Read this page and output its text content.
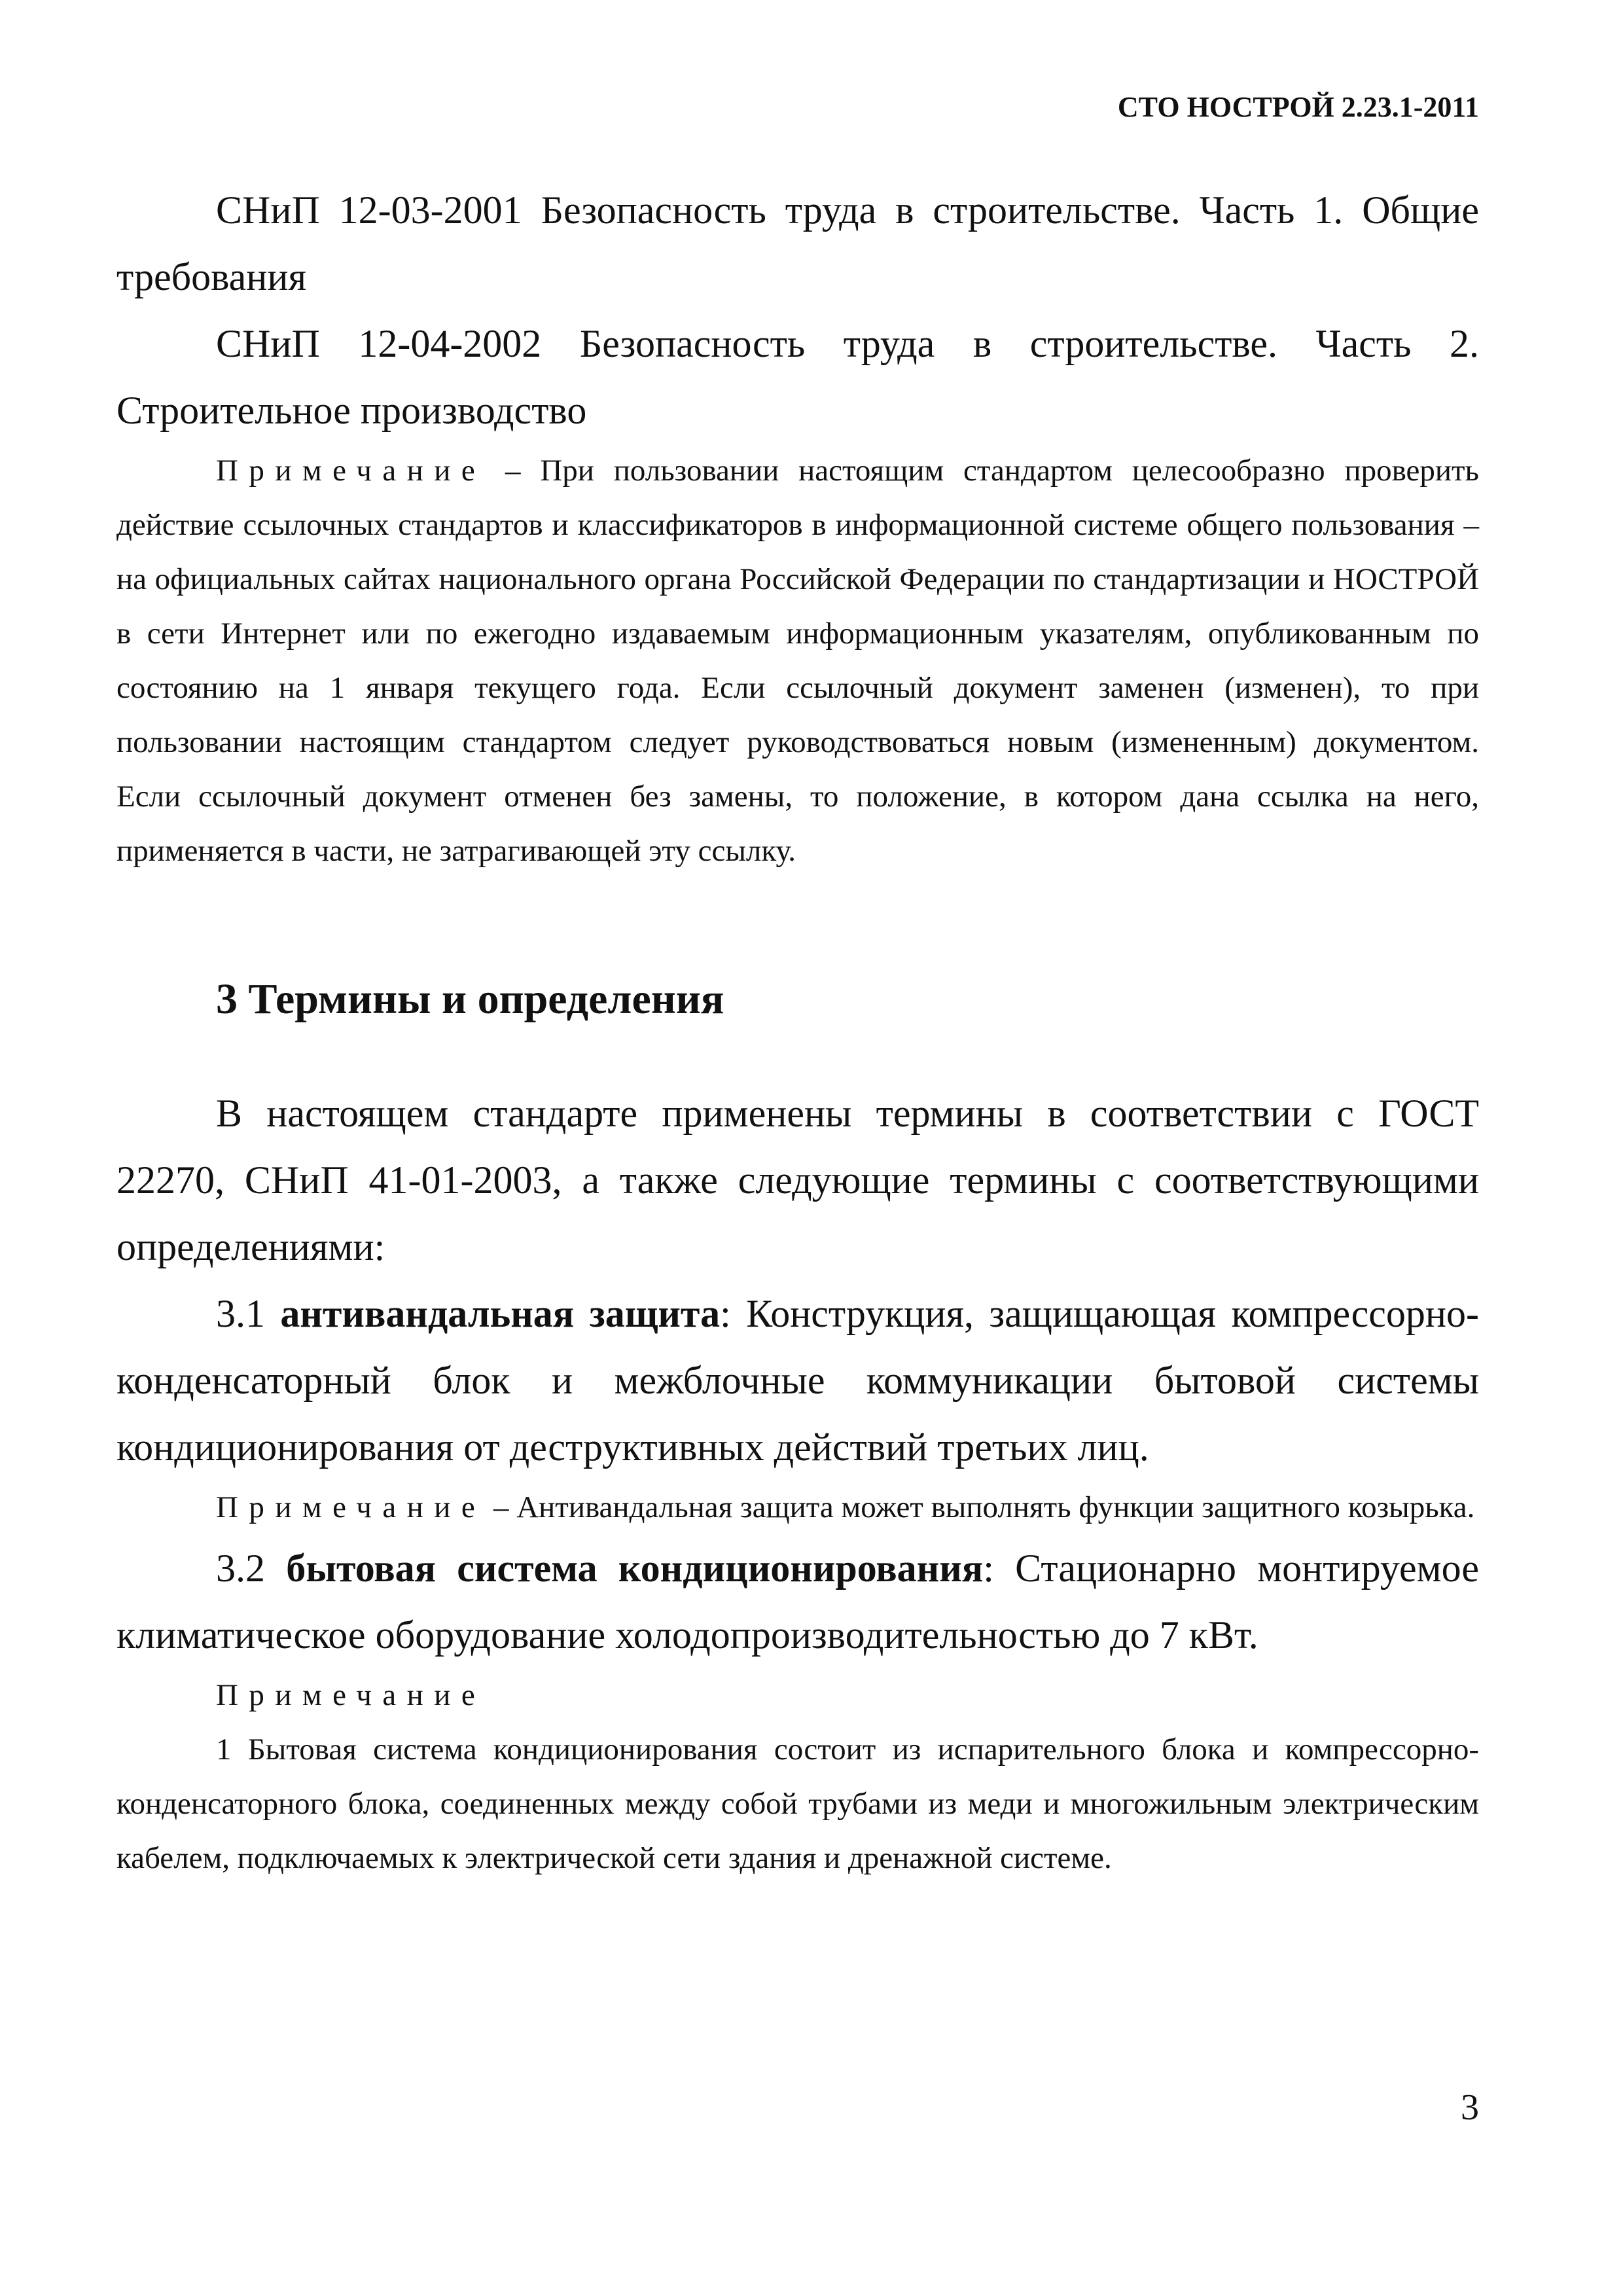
СТО НОСТРОЙ 2.23.1-2011

СНиП 12-03-2001 Безопасность труда в строительстве. Часть 1. Общие требования

СНиП 12-04-2002 Безопасность труда в строительстве. Часть 2. Строительное производство

Примечание – При пользовании настоящим стандартом целесообразно проверить действие ссылочных стандартов и классификаторов в информационной системе общего пользования – на официальных сайтах национального органа Российской Федерации по стандартизации и НОСТРОЙ в сети Интернет или по ежегодно издаваемым информационным указателям, опубликованным по состоянию на 1 января текущего года. Если ссылочный документ заменен (изменен), то при пользовании настоящим стандартом следует руководствоваться новым (измененным) документом. Если ссылочный документ отменен без замены, то положение, в котором дана ссылка на него, применяется в части, не затрагивающей эту ссылку.

3 Термины и определения

В настоящем стандарте применены термины в соответствии с ГОСТ 22270, СНиП 41-01-2003, а также следующие термины с соответствующими определениями:

3.1 антивандальная защита: Конструкция, защищающая компрессорно-конденсаторный блок и межблочные коммуникации бытовой системы кондиционирования от деструктивных действий третьих лиц.

Примечание – Антивандальная защита может выполнять функции защитного козырька.

3.2 бытовая система кондиционирования: Стационарно монтируемое климатическое оборудование холодопроизводительностью до 7 кВт.

Примечание

1 Бытовая система кондиционирования состоит из испарительного блока и компрессорно-конденсаторного блока, соединенных между собой трубами из меди и многожильным электрическим кабелем, подключаемых к электрической сети здания и дренажной системе.

3
